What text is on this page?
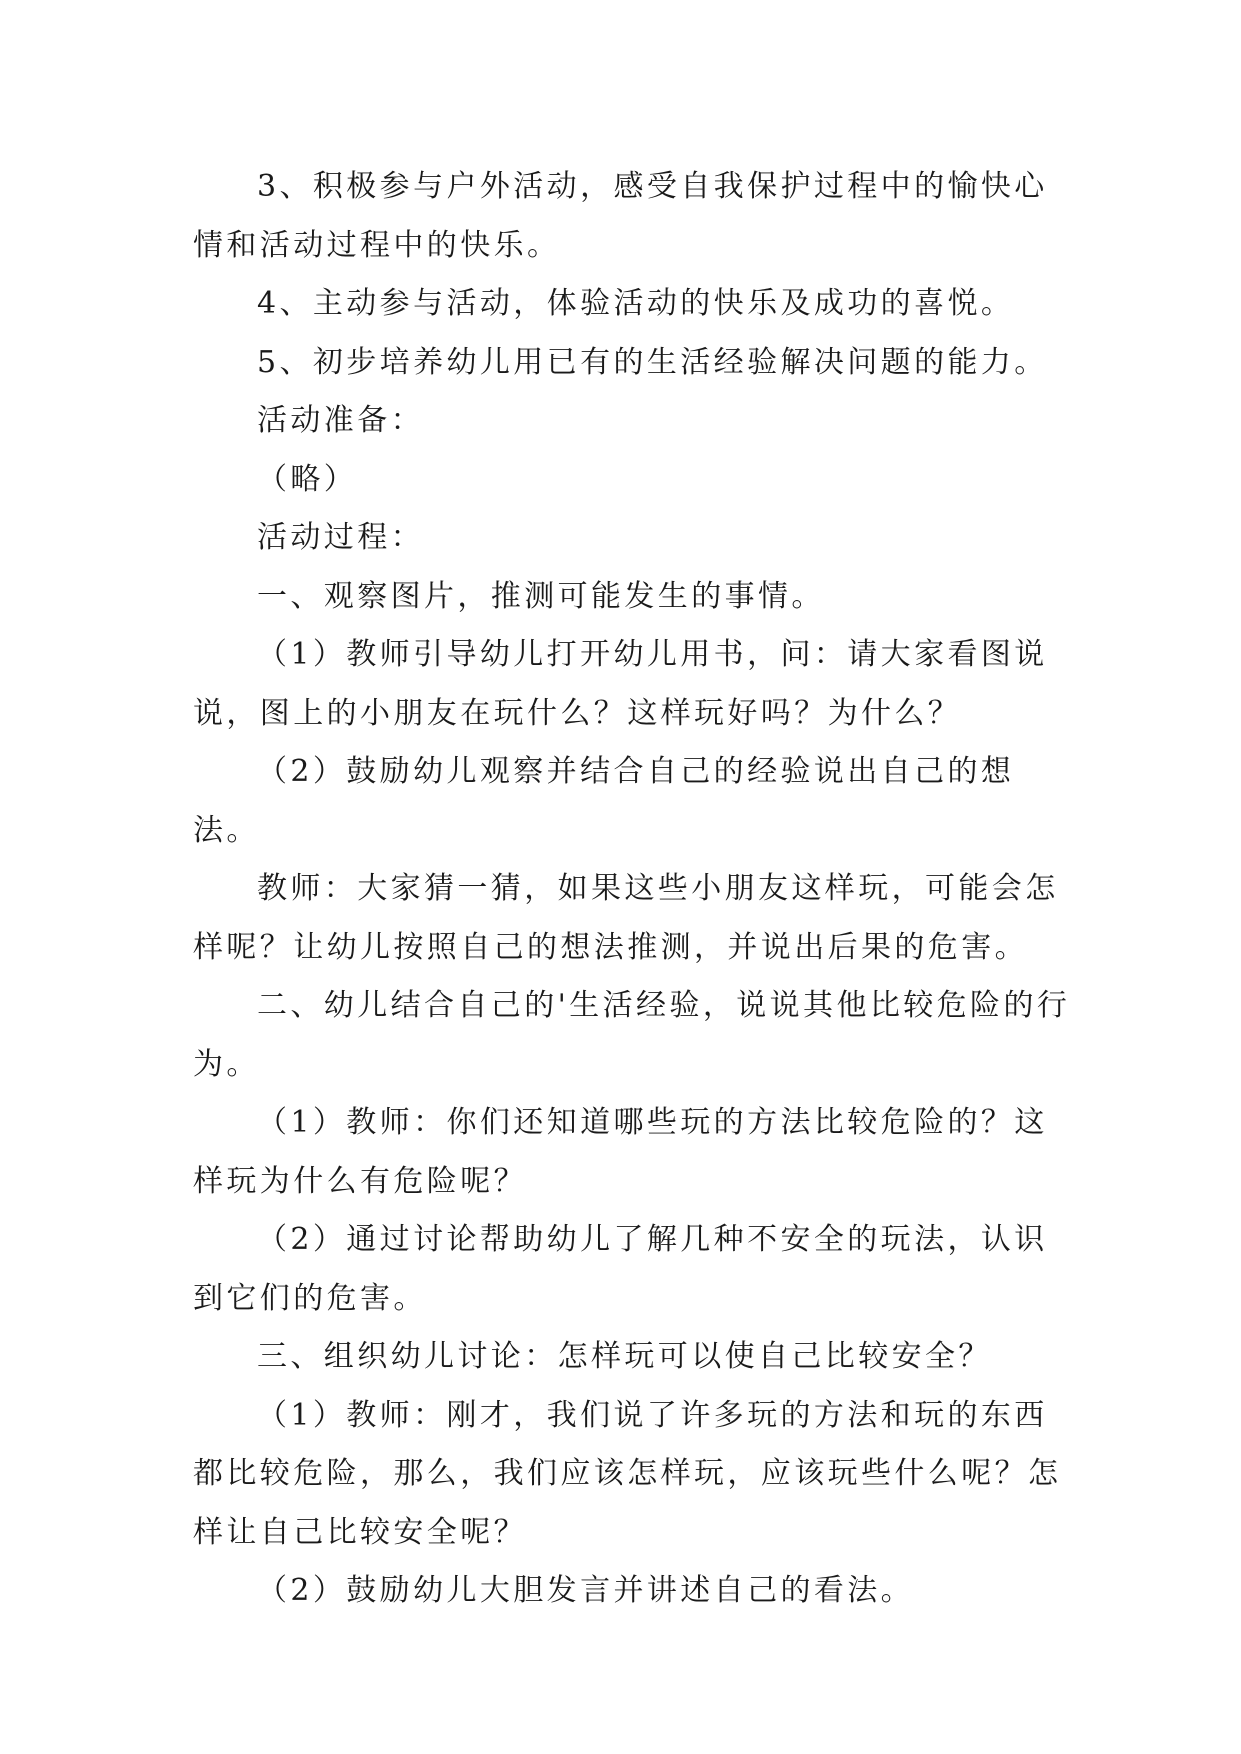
3、积极参与户外活动，感受自我保护过程中的愉快心情和活动过程中的快乐。

4、主动参与活动，体验活动的快乐及成功的喜悦。

5、初步培养幼儿用已有的生活经验解决问题的能力。

活动准备：

（略）

活动过程：

一、观察图片，推测可能发生的事情。

（1）教师引导幼儿打开幼儿用书，问：请大家看图说说，图上的小朋友在玩什么？这样玩好吗？为什么？

（2）鼓励幼儿观察并结合自己的经验说出自己的想法。

教师：大家猜一猜，如果这些小朋友这样玩，可能会怎样呢？让幼儿按照自己的想法推测，并说出后果的危害。

二、幼儿结合自己的'生活经验，说说其他比较危险的行为。

（1）教师：你们还知道哪些玩的方法比较危险的？这样玩为什么有危险呢？

（2）通过讨论帮助幼儿了解几种不安全的玩法，认识到它们的危害。

三、组织幼儿讨论：怎样玩可以使自己比较安全？

（1）教师：刚才，我们说了许多玩的方法和玩的东西都比较危险，那么，我们应该怎样玩，应该玩些什么呢？怎样让自己比较安全呢？

（2）鼓励幼儿大胆发言并讲述自己的看法。
